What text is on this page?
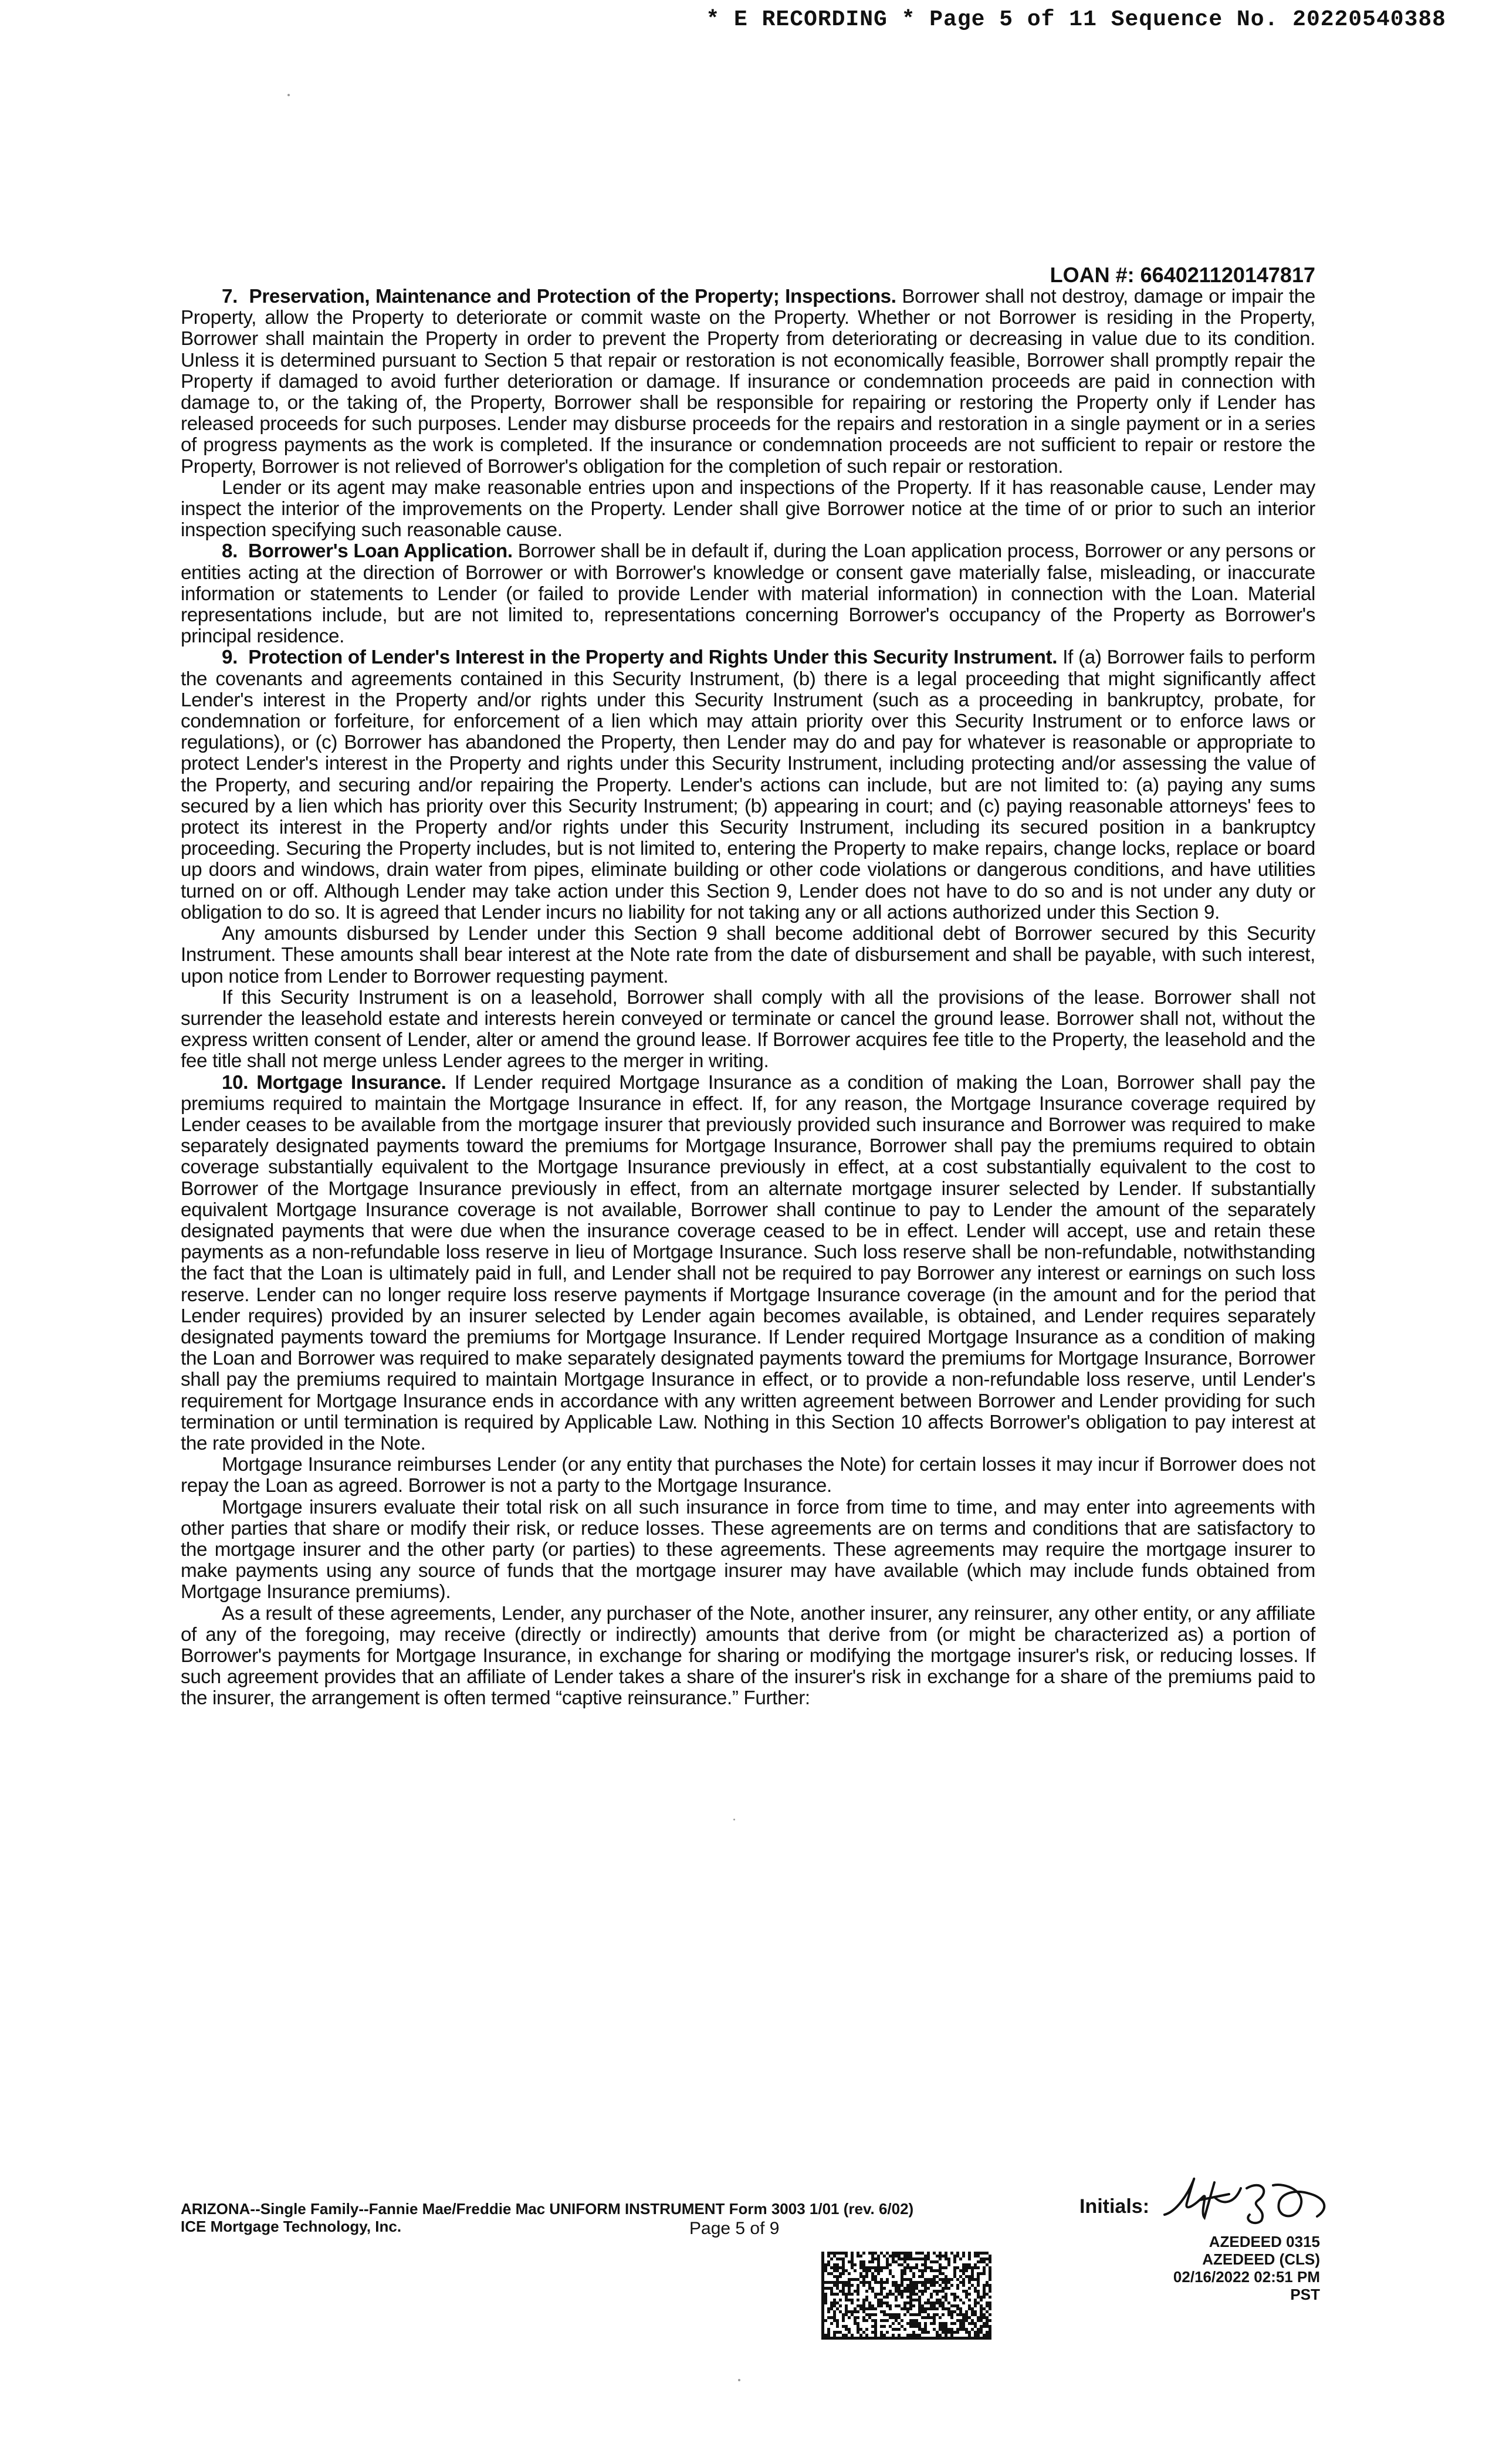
* E RECORDING * Page 5 of 11 Sequence No. 20220540388
LOAN #: 664021120147817

7. Preservation, Maintenance and Protection of the Property; Inspections. Borrower shall not destroy, damage or impair the Property, allow the Property to deteriorate or commit waste on the Property. Whether or not Borrower is residing in the Property, Borrower shall maintain the Property in order to prevent the Property from deteriorating or decreasing in value due to its condition. Unless it is determined pursuant to Section 5 that repair or restoration is not economically feasible, Borrower shall promptly repair the Property if damaged to avoid further deterioration or damage. If insurance or condemnation proceeds are paid in connection with damage to, or the taking of, the Property, Borrower shall be responsible for repairing or restoring the Property only if Lender has released proceeds for such purposes. Lender may disburse proceeds for the repairs and restoration in a single payment or in a series of progress payments as the work is completed. If the insurance or condemnation proceeds are not sufficient to repair or restore the Property, Borrower is not relieved of Borrower's obligation for the completion of such repair or restoration.

Lender or its agent may make reasonable entries upon and inspections of the Property. If it has reasonable cause, Lender may inspect the interior of the improvements on the Property. Lender shall give Borrower notice at the time of or prior to such an interior inspection specifying such reasonable cause.

8. Borrower's Loan Application. Borrower shall be in default if, during the Loan application process, Borrower or any persons or entities acting at the direction of Borrower or with Borrower's knowledge or consent gave materially false, misleading, or inaccurate information or statements to Lender (or failed to provide Lender with material information) in connection with the Loan. Material representations include, but are not limited to, representations concerning Borrower's occupancy of the Property as Borrower's principal residence.

9. Protection of Lender's Interest in the Property and Rights Under this Security Instrument. If (a) Borrower fails to perform the covenants and agreements contained in this Security Instrument, (b) there is a legal proceeding that might significantly affect Lender's interest in the Property and/or rights under this Security Instrument (such as a proceeding in bankruptcy, probate, for condemnation or forfeiture, for enforcement of a lien which may attain priority over this Security Instrument or to enforce laws or regulations), or (c) Borrower has abandoned the Property, then Lender may do and pay for whatever is reasonable or appropriate to protect Lender's interest in the Property and rights under this Security Instrument, including protecting and/or assessing the value of the Property, and securing and/or repairing the Property. Lender's actions can include, but are not limited to: (a) paying any sums secured by a lien which has priority over this Security Instrument; (b) appearing in court; and (c) paying reasonable attorneys' fees to protect its interest in the Property and/or rights under this Security Instrument, including its secured position in a bankruptcy proceeding. Securing the Property includes, but is not limited to, entering the Property to make repairs, change locks, replace or board up doors and windows, drain water from pipes, eliminate building or other code violations or dangerous conditions, and have utilities turned on or off. Although Lender may take action under this Section 9, Lender does not have to do so and is not under any duty or obligation to do so. It is agreed that Lender incurs no liability for not taking any or all actions authorized under this Section 9.

Any amounts disbursed by Lender under this Section 9 shall become additional debt of Borrower secured by this Security Instrument. These amounts shall bear interest at the Note rate from the date of disbursement and shall be payable, with such interest, upon notice from Lender to Borrower requesting payment.

If this Security Instrument is on a leasehold, Borrower shall comply with all the provisions of the lease. Borrower shall not surrender the leasehold estate and interests herein conveyed or terminate or cancel the ground lease. Borrower shall not, without the express written consent of Lender, alter or amend the ground lease. If Borrower acquires fee title to the Property, the leasehold and the fee title shall not merge unless Lender agrees to the merger in writing.

10. Mortgage Insurance. If Lender required Mortgage Insurance as a condition of making the Loan, Borrower shall pay the premiums required to maintain the Mortgage Insurance in effect. If, for any reason, the Mortgage Insurance coverage required by Lender ceases to be available from the mortgage insurer that previously provided such insurance and Borrower was required to make separately designated payments toward the premiums for Mortgage Insurance, Borrower shall pay the premiums required to obtain coverage substantially equivalent to the Mortgage Insurance previously in effect, at a cost substantially equivalent to the cost to Borrower of the Mortgage Insurance previously in effect, from an alternate mortgage insurer selected by Lender. If substantially equivalent Mortgage Insurance coverage is not available, Borrower shall continue to pay to Lender the amount of the separately designated payments that were due when the insurance coverage ceased to be in effect. Lender will accept, use and retain these payments as a non-refundable loss reserve in lieu of Mortgage Insurance. Such loss reserve shall be non-refundable, notwithstanding the fact that the Loan is ultimately paid in full, and Lender shall not be required to pay Borrower any interest or earnings on such loss reserve. Lender can no longer require loss reserve payments if Mortgage Insurance coverage (in the amount and for the period that Lender requires) provided by an insurer selected by Lender again becomes available, is obtained, and Lender requires separately designated payments toward the premiums for Mortgage Insurance. If Lender required Mortgage Insurance as a condition of making the Loan and Borrower was required to make separately designated payments toward the premiums for Mortgage Insurance, Borrower shall pay the premiums required to maintain Mortgage Insurance in effect, or to provide a non-refundable loss reserve, until Lender's requirement for Mortgage Insurance ends in accordance with any written agreement between Borrower and Lender providing for such termination or until termination is required by Applicable Law. Nothing in this Section 10 affects Borrower's obligation to pay interest at the rate provided in the Note.

Mortgage Insurance reimburses Lender (or any entity that purchases the Note) for certain losses it may incur if Borrower does not repay the Loan as agreed. Borrower is not a party to the Mortgage Insurance.

Mortgage insurers evaluate their total risk on all such insurance in force from time to time, and may enter into agreements with other parties that share or modify their risk, or reduce losses. These agreements are on terms and conditions that are satisfactory to the mortgage insurer and the other party (or parties) to these agreements. These agreements may require the mortgage insurer to make payments using any source of funds that the mortgage insurer may have available (which may include funds obtained from Mortgage Insurance premiums).

As a result of these agreements, Lender, any purchaser of the Note, another insurer, any reinsurer, any other entity, or any affiliate of any of the foregoing, may receive (directly or indirectly) amounts that derive from (or might be characterized as) a portion of Borrower's payments for Mortgage Insurance, in exchange for sharing or modifying the mortgage insurer's risk, or reducing losses. If such agreement provides that an affiliate of Lender takes a share of the insurer's risk in exchange for a share of the premiums paid to the insurer, the arrangement is often termed “captive reinsurance.” Further:

ARIZONA--Single Family--Fannie Mae/Freddie Mac UNIFORM INSTRUMENT Form 3003 1/01 (rev. 6/02)
ICE Mortgage Technology, Inc.	Page 5 of 9
Initials:
AZEDEED 0315
AZEDEED (CLS)
02/16/2022 02:51 PM PST
